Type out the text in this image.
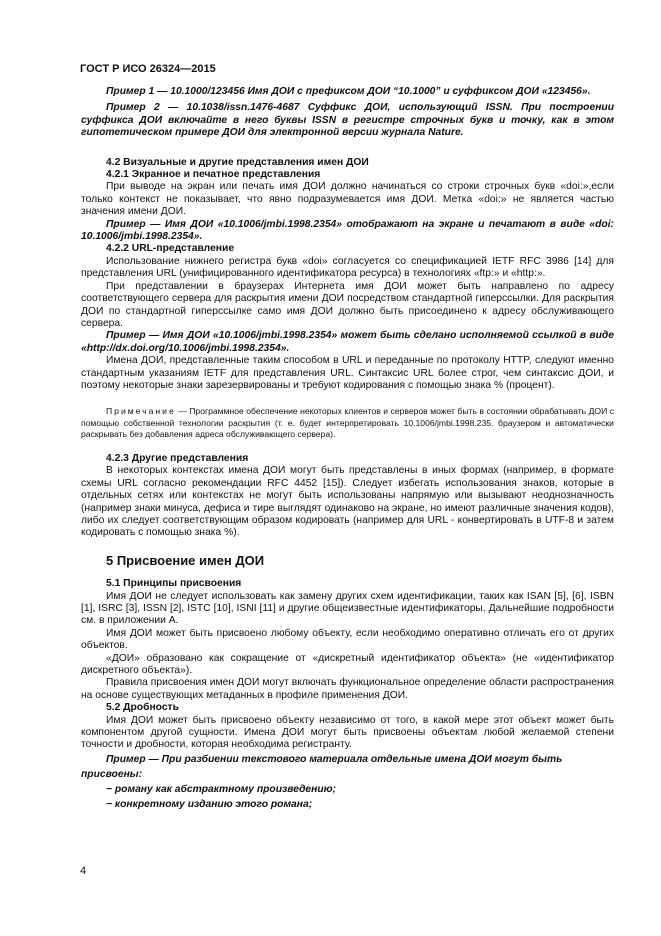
ГОСТ Р ИСО 26324—2015

Пример 1 — 10.1000/123456 Имя ДОИ с префиксом ДОИ “10.1000” и суффиксом ДОИ «123456».

Пример 2 — 10.1038/issn.1476-4687 Суффикс ДОИ, использующий ISSN. При построении суффикса ДОИ включайте в него буквы ISSN в регистре строчных букв и точку, как в этом гипотетическом примере ДОИ для электронной версии журнала Nature.

4.2 Визуальные и другие представления имен ДОИ

4.2.1 Экранное и печатное представления

При выводе на экран или печать имя ДОИ должно начинаться со строки строчных букв «doi:»,если только контекст не показывает, что явно подразумевается имя ДОИ. Метка «doi:» не является частью значения имени ДОИ.

Пример — Имя ДОИ «10.1006/jmbi.1998.2354» отображают на экране и печатают в виде «doi: 10.1006/jmbi.1998.2354».

4.2.2 URL-представление

Использование нижнего регистра букв «doi» согласуется со спецификацией IETF RFC 3986 [14] для представления URL (унифицированного идентификатора ресурса) в технологиях «ftp:» и «http:».

При представлении в браузерах Интернета имя ДОИ может быть направлено по адресу соответствующего сервера для раскрытия имени ДОИ посредством стандартной гиперссылки. Для раскрытия ДОИ по стандартной гиперссылке само имя ДОИ должно быть присоединено к адресу обслуживающего сервера.

Пример — Имя ДОИ «10.1006/jmbi.1998.2354» может быть сделано исполняемой ссылкой в виде «http://dx.doi.org/10.1006/jmbi.1998.2354».

Имена ДОИ, представленные таким способом в URL и переданные по протоколу HTTP, следуют именно стандартным указаниям IETF для представления URL. Синтаксис URL более строг, чем синтаксис ДОИ, и поэтому некоторые знаки зарезервированы и требуют кодирования с помощью знака % (процент).

Примечание — Программное обеспечение некоторых клиентов и серверов может быть в состоянии обрабатывать ДОИ с помощью собственной технологии раскрытия (т. е. будет интерпретировать 10.1006/jmbi.1998.235. браузером и автоматически раскрывать без добавления адреса обслуживающего сервера).

4.2.3 Другие представления

В некоторых контекстах имена ДОИ могут быть представлены в иных формах (например, в формате схемы URL согласно рекомендации RFC 4452 [15]). Следует избегать использования знаков, которые в отдельных сетях или контекстах не могут быть использованы напрямую или вызывают неоднозначность (например знаки минуса, дефиса и тире выглядят одинаково на экране, но имеют различные значения кодов), либо их следует соответствующим образом кодировать (например для URL - конвертировать в UTF-8 и затем кодировать с помощью знака %).

5 Присвоение имен ДОИ

5.1 Принципы присвоения

Имя ДОИ не следует использовать как замену других схем идентификации, таких как ISAN [5], [6], ISBN [1], ISRC [3], ISSN [2], ISTC [10], ISNI [11] и другие общеизвестные идентификаторы. Дальнейшие подробности см. в приложении А.

Имя ДОИ может быть присвоено любому объекту, если необходимо оперативно отличать его от других объектов.

«ДОИ» образовано как сокращение от «дискретный идентификатор объекта» (не «идентификатор дискретного объекта»).

Правила присвоения имен ДОИ могут включать функциональное определение области распространения на основе существующих метаданных в профиле применения ДОИ.

5.2 Дробность

Имя ДОИ может быть присвоено объекту независимо от того, в какой мере этот объект может быть компонентом другой сущности. Имена ДОИ могут быть присвоены объектам любой желаемой степени точности и дробности, которая необходима регистранту.

Пример — При разбиении текстового материала отдельные имена ДОИ могут быть присвоены:

− роману как абстрактному произведению;

− конкретному изданию этого романа;

4
